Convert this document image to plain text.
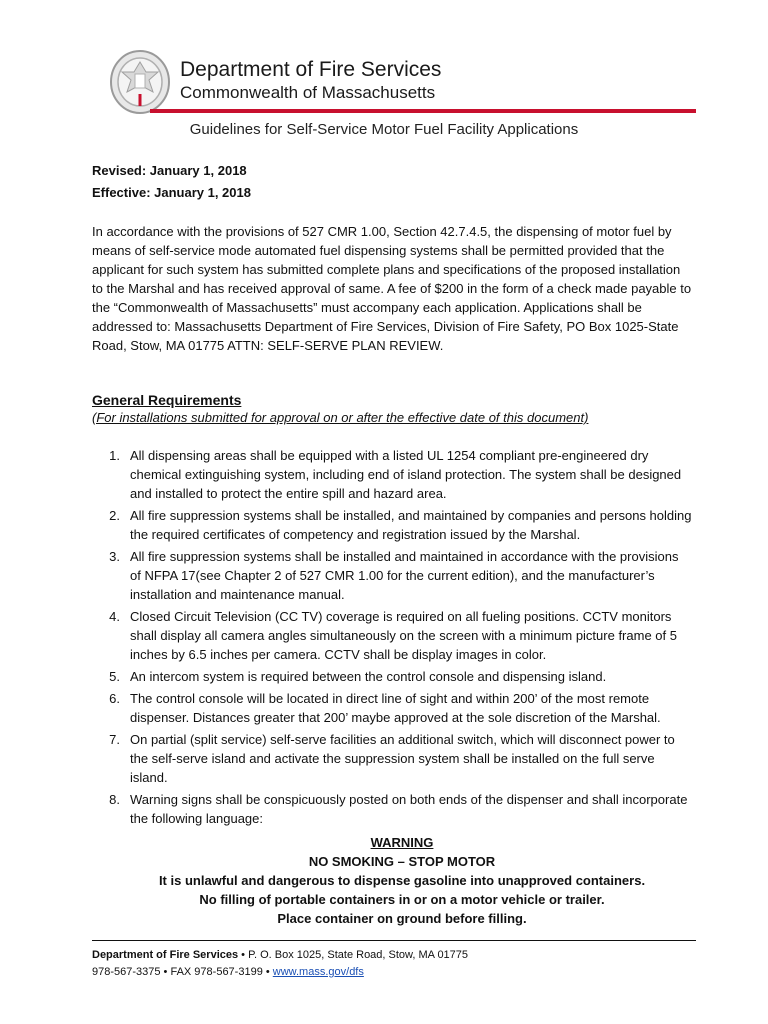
Department of Fire Services
Commonwealth of Massachusetts
Guidelines for Self-Service Motor Fuel Facility Applications
Revised: January 1, 2018
Effective: January 1, 2018

In accordance with the provisions of 527 CMR 1.00, Section 42.7.4.5, the dispensing of motor fuel by means of self-service mode automated fuel dispensing systems shall be permitted provided that the applicant for such system has submitted complete plans and specifications of the proposed installation to the Marshal and has received approval of same. A fee of $200 in the form of a check made payable to the “Commonwealth of Massachusetts” must accompany each application. Applications shall be addressed to: Massachusetts Department of Fire Services, Division of Fire Safety, PO Box 1025-State Road, Stow, MA 01775 ATTN: SELF-SERVE PLAN REVIEW.

General Requirements
(For installations submitted for approval on or after the effective date of this document)
1. All dispensing areas shall be equipped with a listed UL 1254 compliant pre-engineered dry chemical extinguishing system, including end of island protection. The system shall be designed and installed to protect the entire spill and hazard area.
2. All fire suppression systems shall be installed, and maintained by companies and persons holding the required certificates of competency and registration issued by the Marshal.
3. All fire suppression systems shall be installed and maintained in accordance with the provisions of NFPA 17(see Chapter 2 of 527 CMR 1.00 for the current edition), and the manufacturer’s installation and maintenance manual.
4. Closed Circuit Television (CC TV) coverage is required on all fueling positions. CCTV monitors shall display all camera angles simultaneously on the screen with a minimum picture frame of 5 inches by 6.5 inches per camera. CCTV shall be display images in color.
5. An intercom system is required between the control console and dispensing island.
6. The control console will be located in direct line of sight and within 200’ of the most remote dispenser. Distances greater that 200’ maybe approved at the sole discretion of the Marshal.
7. On partial (split service) self-serve facilities an additional switch, which will disconnect power to the self-serve island and activate the suppression system shall be installed on the full serve island.
8. Warning signs shall be conspicuously posted on both ends of the dispenser and shall incorporate the following language:
WARNING
NO SMOKING – STOP MOTOR
It is unlawful and dangerous to dispense gasoline into unapproved containers.
No filling of portable containers in or on a motor vehicle or trailer.
Place container on ground before filling.
Department of Fire Services • P. O. Box 1025, State Road, Stow, MA 01775
978-567-3375 • FAX 978-567-3199 • www.mass.gov/dfs
